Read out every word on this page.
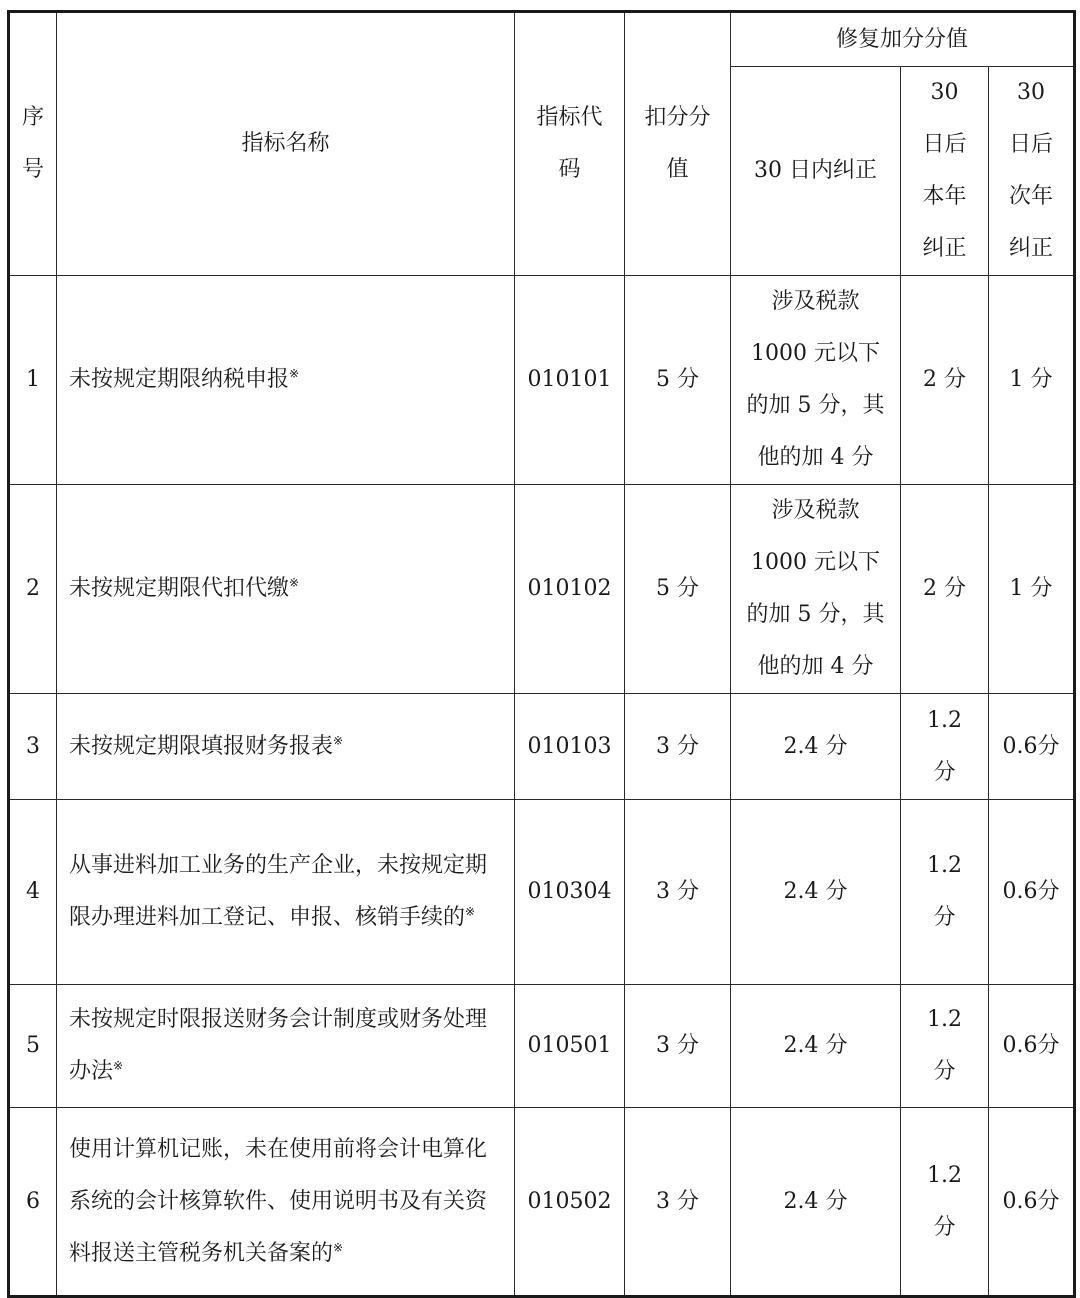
序号	指标名称	指标代码	扣分分值	修复加分分值		
				30 日内纠正	30 日后本年纠正	30 日后次年纠正
1	未按规定期限纳税申报※	010101	5 分	涉及税款 1000 元以下的加 5 分，其他的加 4 分	2 分	1 分
2	未按规定期限代扣代缴※	010102	5 分	涉及税款 1000 元以下的加 5 分，其他的加 4 分	2 分	1 分
3	未按规定期限填报财务报表※	010103	3 分	2.4 分	1.2 分	0.6分
4	从事进料加工业务的生产企业，未按规定期限办理进料加工登记、申报、核销手续的※	010304	3 分	2.4 分	1.2 分	0.6分
5	未按规定时限报送财务会计制度或财务处理办法※	010501	3 分	2.4 分	1.2 分	0.6分
6	使用计算机记账，未在使用前将会计电算化系统的会计核算软件、使用说明书及有关资料报送主管税务机关备案的※	010502	3 分	2.4 分	1.2 分	0.6分
